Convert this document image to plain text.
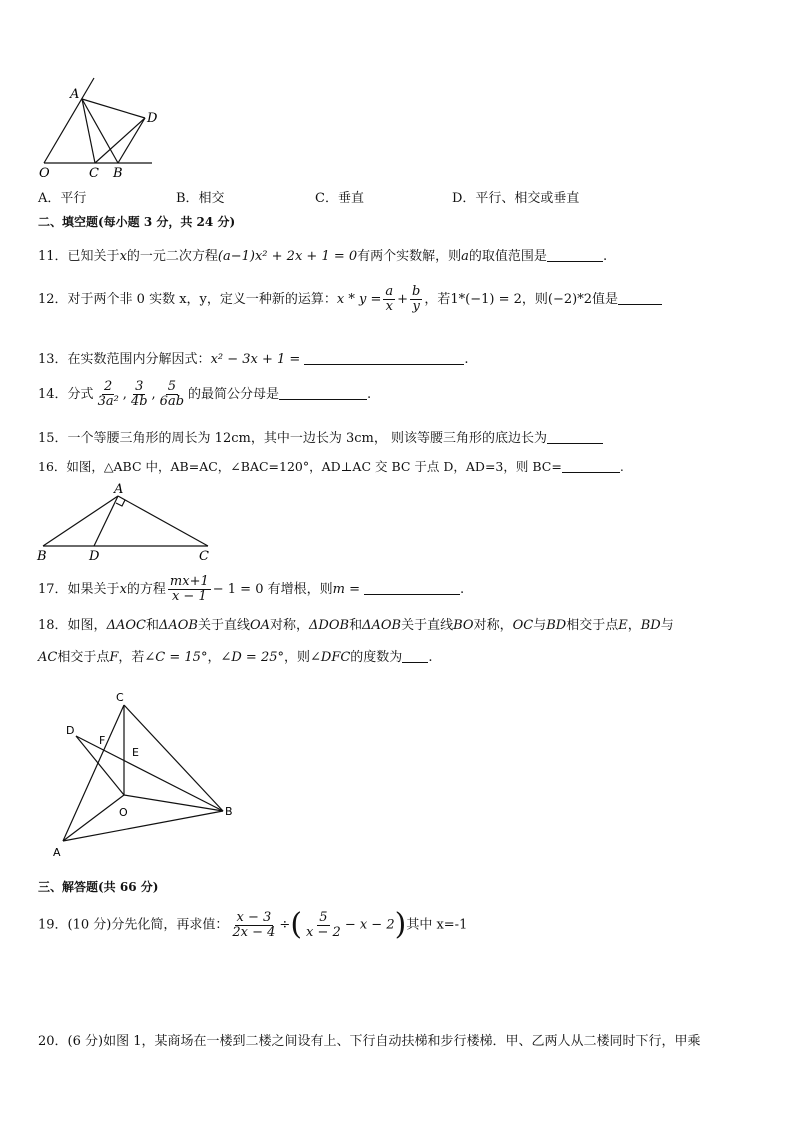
A
D
O	C B
A．平行	B．相交	C．垂直	D．平行、相交或垂直
二、填空题(每小题 3 分，共 24 分)
11．已知关于x的一元二次方程(a−1)x² + 2x + 1 = 0有两个实数解，则a的取值范围是	.
12．对于两个非 0 实数 x，y，定义一种新的运算：$x * y = \frac{a}{x} + \frac{b}{y}$ ，若1*(−1) = 2，则(−2)*2值是
13．在实数范围内分解因式：x² − 3x + 1 =	.
14．分式 $\frac{2}{\text{3a²}}$ , $\frac{3}{4b}$ , $\frac{5}{6ab}$ 的最简公分母是	.
15．一个等腰三角形的周长为 12cm，其中一边长为 3cm， 则该等腰三角形的底边长为
16．如图，△ABC 中，AB=AC，∠BAC=120°，AD⊥AC 交 BC 于点 D，AD=3，则 BC=	.
A
B	D	C
17．如果关于x的方程 $\frac{mx+1}{x - 1} - 1 = 0$ 有增根，则m =	.
18．如图，ΔAOC和ΔAOB关于直线OA对称，ΔDOB和ΔAOB关于直线BO对称，OC与BD相交于点E，BD与
AC相交于点F，若∠C = 15°，∠D = 25°，则∠DFC的度数为 .
C
D
F
E
O	B
A
三、解答题(共 66 分)
19．(10 分)分先化简，再求值： $\frac{x - 3}{2x - 4}$ ÷( $\frac{5}{x - 2} - x - 2$)其中 x=-1
20．(6 分)如图 1，某商场在一楼到二楼之间设有上、下行自动扶梯和步行楼梯．甲、乙两人从二楼同时下行，甲乘
